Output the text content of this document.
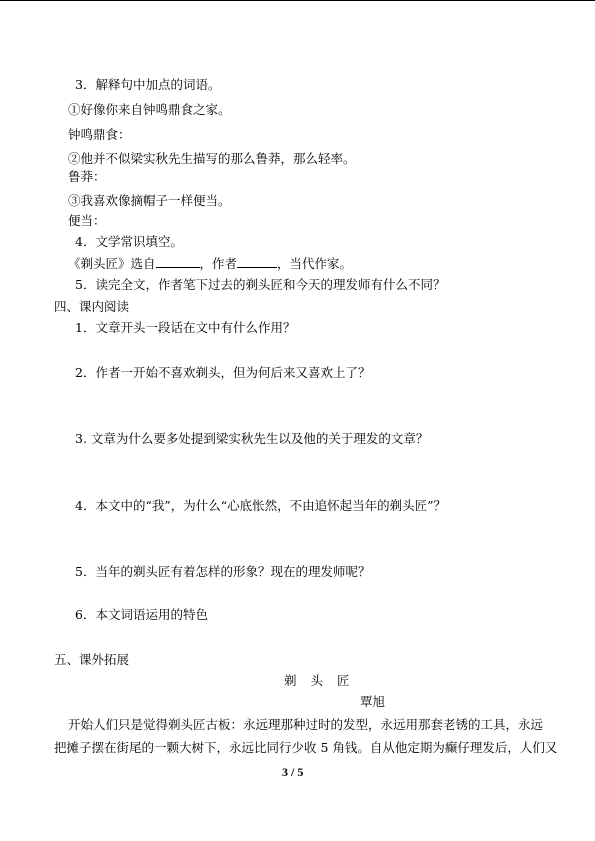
3．解释句中加点的词语。
①好像你来自钟鸣鼎食之家。
钟鸣鼎食：
②他并不似梁实秋先生描写的那么鲁莽，那么轻率。
鲁莽：
③我喜欢像摘帽子一样便当。
便当：
4．文学常识填空。
《剃头匠》选自	，作者	，当代作家。
5．读完全文，作者笔下过去的剃头匠和今天的理发师有什么不同？
四、课内阅读
1．文章开头一段话在文中有什么作用？
2．作者一开始不喜欢剃头，但为何后来又喜欢上了？
3. 文章为什么要多处提到梁实秋先生以及他的关于理发的文章？
4．本文中的“我”，为什么“心底怅然，不由追怀起当年的剃头匠”？
5．当年的剃头匠有着怎样的形象？现在的理发师呢？
6．本文词语运用的特色
五、课外拓展
剃 头 匠
覃旭
开始人们只是觉得剃头匠古板：永远理那种过时的发型，永远用那套老锈的工具，永远
把摊子摆在街尾的一颗大树下，永远比同行少收 5 角钱。自从他定期为癫仔理发后，人们又
3 / 5
